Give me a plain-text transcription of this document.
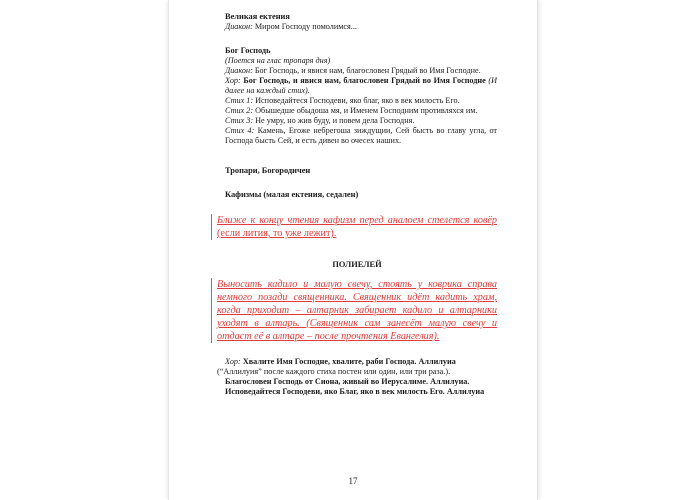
Великая ектения
Диакон: Миром Господу помолимся...
Бог Господь
(Поется на глас тропаря дня)
Диакон: Бог Господь, и явися нам, благословен Грядый во Имя Господне.
Хор: Бог Господь, и явися нам, благословен Грядый во Имя Господне (И далее на каждый стих).
Стих 1: Исповедайтеся Господеви, яко благ, яко в век милость Его.
Стих 2: Обышедше обыдоша мя, и Именем Господним противляхся им.
Стих 3: Не умру, но жив буду, и повем дела Господня.
Стих 4: Камень, Егоже небрегоша зиждущии, Сей бысть во главу угла, от Господа бысть Сей, и есть дивен во очесех наших.
Тропари, Богородичен
Кафизмы (малая ектения, седален)
Ближе к концу чтения кафизм перед аналоем стелется ковёр (если лития, то уже лежит).
ПОЛИЕЛЕЙ
Выносить кадило и малую свечу, стоять у коврика справа немного позади священника. Священник идёт кадить храм, когда приходит – алтарник забирает кадило и алтарники уходят в алтарь. (Священник сам занесёт малую свечу и отдаст её в алтаре – после прочтения Евангелия).
Хор: Хвалите Имя Господне, хвалите, раби Господа. Аллилуиа
(“Аллилуия” после каждого стиха постен или один, или три раза.).
Благословен Господь от Сиона, живый во Иерусалиме. Аллилуиа.
Исповедайтеся Господеви, яко Благ, яко в век милость Его. Аллилуиа
17
